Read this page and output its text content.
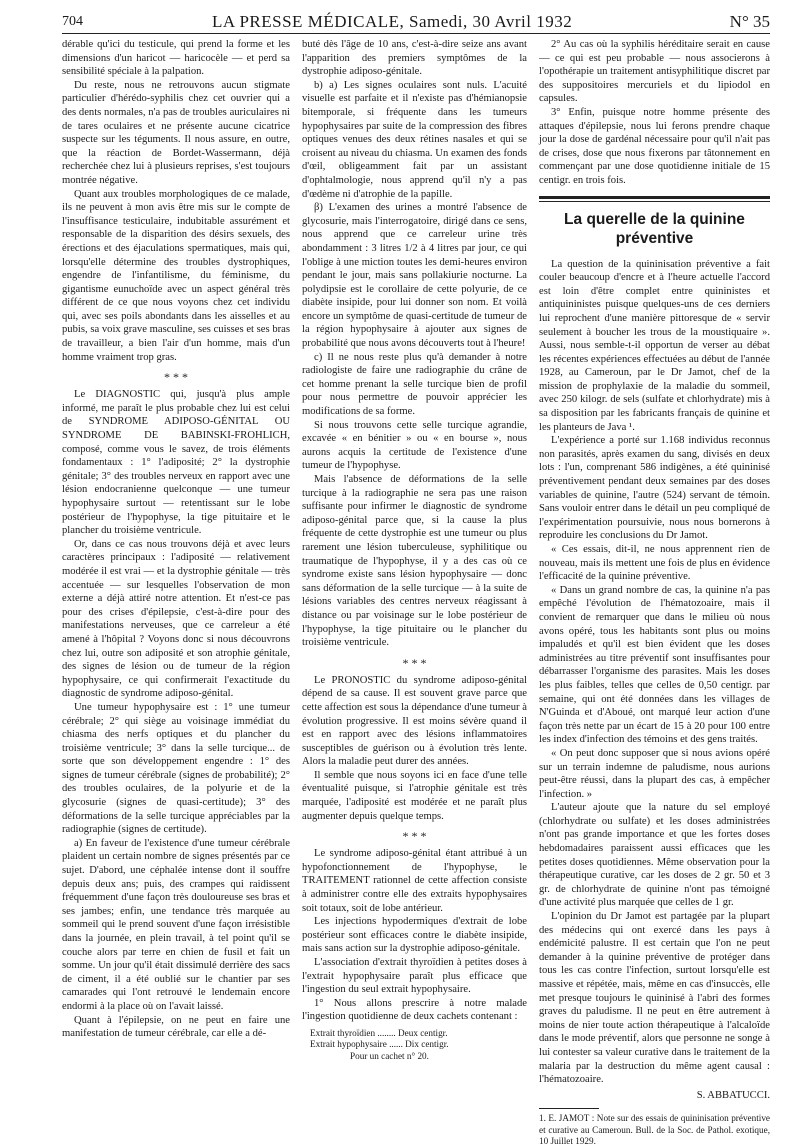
704	LA PRESSE MÉDICALE, Samedi, 30 Avril 1932	N° 35

dérable qu'ici du testicule, qui prend la forme et les dimensions d'un haricot — haricocèle — et perd sa sensibilité spéciale à la palpation.

Du reste, nous ne retrouvons aucun stigmate particulier d'hérédo-syphilis chez cet ouvrier qui a des dents normales, n'a pas de troubles auriculaires ni de tares oculaires et ne présente aucune cicatrice suspecte sur les téguments. Il nous assure, en outre, que la réaction de Bordet-Wassermann, déjà recherchée chez lui à plusieurs reprises, s'est toujours montrée négative.

Quant aux troubles morphologiques de ce malade, ils ne peuvent à mon avis être mis sur le compte de l'insuffisance testiculaire, indubitable assurément et responsable de la disparition des désirs sexuels, des érections et des éjaculations spermatiques, mais qui, lorsqu'elle détermine des troubles dystrophiques, engendre de l'infantilisme, du féminisme, du gigantisme eunuchoïde avec un aspect général très différent de ce que nous voyons chez cet individu qui, avec ses poils abondants dans les aisselles et au pubis, sa voix grave masculine, ses cuisses et ses bras de travailleur, a bien l'air d'un homme, mais d'un homme vraiment trop gras.

* * *

Le DIAGNOSTIC qui, jusqu'à plus ample informé, me paraît le plus probable chez lui est celui de SYNDROME ADIPOSO-GÉNITAL OU SYNDROME DE BABINSKI-FROHLICH, composé, comme vous le savez, de trois éléments fondamentaux : 1° l'adiposité; 2° la dystrophie génitale; 3° des troubles nerveux en rapport avec une lésion endocranienne quelconque — une tumeur hypophysaire surtout — retentissant sur le lobe postérieur de l'hypophyse, la tige pituitaire et le plancher du troisième ventricule.

Or, dans ce cas nous trouvons déjà et avec leurs caractères principaux : l'adiposité — relativement modérée il est vrai — et la dystrophie génitale — très accentuée — sur lesquelles l'observation de mon externe a déjà attiré notre attention. Et n'est-ce pas pour des crises d'épilepsie, c'est-à-dire pour des manifestations nerveuses, que ce carreleur a été amené à l'hôpital ? Voyons donc si nous découvrons chez lui, outre son adiposité et son atrophie génitale, des signes de lésion ou de tumeur de la région hypophysaire, ce qui confirmerait l'exactitude du diagnostic de syndrome adiposo-génital.

Une tumeur hypophysaire est : 1° une tumeur cérébrale; 2° qui siège au voisinage immédiat du chiasma des nerfs optiques et du plancher du troisième ventricule; 3° dans la selle turcique... de sorte que son développement engendre : 1° des signes de tumeur cérébrale (signes de probabilité); 2° des troubles oculaires, de la polyurie et de la glycosurie (signes de quasi-certitude); 3° des déformations de la selle turcique appréciables par la radiographie (signes de certitude).

a) En faveur de l'existence d'une tumeur cérébrale plaident un certain nombre de signes présentés par ce sujet. D'abord, une céphalée intense dont il souffre depuis deux ans; puis, des crampes qui raidissent fréquemment d'une façon très douloureuse ses bras et ses jambes; enfin, une tendance très marquée au sommeil qui le prend souvent d'une façon irrésistible dans la journée, en plein travail, à tel point qu'il se couche alors par terre en chien de fusil et fait un somme. Un jour qu'il était dissimulé derrière des sacs de ciment, il a été oublié sur le chantier par ses camarades qui l'ont retrouvé le lendemain encore endormi à la place où on l'avait laissé.

Quant à l'épilepsie, on ne peut en faire une manifestation de tumeur cérébrale, car elle a dé-

buté dès l'âge de 10 ans, c'est-à-dire seize ans avant l'apparition des premiers symptômes de la dystrophie adiposo-génitale.

b) a) Les signes oculaires sont nuls. L'acuité visuelle est parfaite et il n'existe pas d'hémianopsie bitemporale, si fréquente dans les tumeurs hypophysaires par suite de la compression des fibres optiques venues des deux rétines nasales et qui se croisent au niveau du chiasma. Un examen des fonds d'œil, obligeamment fait par un assistant d'ophtalmologie, nous apprend qu'il n'y a pas d'œdème ni d'atrophie de la papille.

β) L'examen des urines a montré l'absence de glycosurie, mais l'interrogatoire, dirigé dans ce sens, nous apprend que ce carreleur urine très abondamment : 3 litres 1/2 à 4 litres par jour, ce qui l'oblige à une miction toutes les demi-heures environ pendant le jour, mais sans pollakiurie nocturne. La polydipsie est le corollaire de cette polyurie, de ce diabète insipide, pour lui donner son nom. Et voilà encore un symptôme de quasi-certitude de tumeur de la région hypophysaire à ajouter aux signes de probabilité que nous avons découverts tout à l'heure!

c) Il ne nous reste plus qu'à demander à notre radiologiste de faire une radiographie du crâne de cet homme prenant la selle turcique bien de profil pour nous permettre de pouvoir apprécier les modifications de sa forme.

Si nous trouvons cette selle turcique agrandie, excavée « en bénitier » ou « en bourse », nous aurons acquis la certitude de l'existence d'une tumeur de l'hypophyse.

Mais l'absence de déformations de la selle turcique à la radiographie ne sera pas une raison suffisante pour infirmer le diagnostic de syndrome adiposo-génital parce que, si la cause la plus fréquente de cette dystrophie est une tumeur ou plus rarement une lésion tuberculeuse, syphilitique ou traumatique de l'hypophyse, il y a des cas où ce syndrome existe sans lésion hypophysaire — donc sans déformation de la selle turcique — à la suite de lésions variables des centres nerveux réagissant à distance ou par voisinage sur le lobe postérieur de l'hypophyse, la tige pituitaire ou le plancher du troisième ventricule.

* * *

Le PRONOSTIC du syndrome adiposo-génital dépend de sa cause. Il est souvent grave parce que cette affection est sous la dépendance d'une tumeur à évolution progressive. Il est moins sévère quand il est en rapport avec des lésions inflammatoires susceptibles de guérison ou à évolution très lente. Alors la maladie peut durer des années.

Il semble que nous soyons ici en face d'une telle éventualité puisque, si l'atrophie génitale est très marquée, l'adiposité est modérée et ne paraît plus augmenter depuis quelque temps.

* * *

Le syndrome adiposo-génital étant attribué à un hypofonctionnement de l'hypophyse, le TRAITEMENT rationnel de cette affection consiste à administrer contre elle des extraits hypophysaires soit totaux, soit de lobe antérieur.

Les injections hypodermiques d'extrait de lobe postérieur sont efficaces contre le diabète insipide, mais sans action sur la dystrophie adiposo-génitale.

L'association d'extrait thyroïdien à petites doses à l'extrait hypophysaire paraît plus efficace que l'ingestion du seul extrait hypophysaire.

1° Nous allons prescrire à notre malade l'ingestion quotidienne de deux cachets contenant :

Extrait thyroïdien ........ Deux centigr.
Extrait hypophysaire ...... Dix centigr.
Pour un cachet n° 20.

2° Au cas où la syphilis héréditaire serait en cause — ce qui est peu probable — nous associerons à l'opothérapie un traitement antisyphilitique discret par des suppositoires mercuriels et du lipiodol en capsules.

3° Enfin, puisque notre homme présente des attaques d'épilepsie, nous lui ferons prendre chaque jour la dose de gardénal nécessaire pour qu'il n'ait pas de crises, dose que nous fixerons par tâtonnement en commençant par une dose quotidienne initiale de 15 centigr. en trois fois.

La querelle de la quinine préventive

La question de la quininisation préventive a fait couler beaucoup d'encre et à l'heure actuelle l'accord est loin d'être complet entre quininistes et antiquininistes puisque quelques-uns de ces derniers lui reprochent d'une manière pittoresque de « servir seulement à boucher les trous de la moustiquaire ». Aussi, nous semble-t-il opportun de verser au débat les récentes expériences effectuées au début de l'année 1928, au Cameroun, par le Dr Jamot, chef de la mission de prophylaxie de la maladie du sommeil, avec 250 kilogr. de sels (sulfate et chlorhydrate) mis à sa disposition par les fabricants français de quinine et les planteurs de Java ¹.

L'expérience a porté sur 1.168 individus reconnus non parasités, après examen du sang, divisés en deux lots : l'un, comprenant 586 indigènes, a été quininisé préventivement pendant deux semaines par des doses variables de quinine, l'autre (524) servant de témoin. Sans vouloir entrer dans le détail un peu compliqué de l'expérimentation poursuivie, nous nous bornerons à reproduire les conclusions du Dr Jamot.

« Ces essais, dit-il, ne nous apprennent rien de nouveau, mais ils mettent une fois de plus en évidence l'efficacité de la quinine préventive.

« Dans un grand nombre de cas, la quinine n'a pas empêché l'évolution de l'hématozoaire, mais il convient de remarquer que dans le milieu où nous avons opéré, tous les habitants sont plus ou moins impaludés et qu'il est bien évident que les doses administrées au titre préventif sont insuffisantes pour débarrasser l'organisme des parasites. Mais les doses les plus faibles, telles que celles de 0,50 centigr. par semaine, qui ont été données dans les villages de N'Guinda et d'Aboué, ont marqué leur action d'une façon très nette par un écart de 15 à 20 pour 100 entre les index d'infection des témoins et des gens traités.

« On peut donc supposer que si nous avions opéré sur un terrain indemne de paludisme, nous aurions peut-être réussi, dans la plupart des cas, à empêcher l'infection. »

L'auteur ajoute que la nature du sel employé (chlorhydrate ou sulfate) et les doses administrées n'ont pas grande importance et que les fortes doses hebdomadaires paraissent aussi efficaces que les petites doses quotidiennes. Même observation pour la thérapeutique curative, car les doses de 2 gr. 50 et 3 gr. de chlorhydrate de quinine n'ont pas témoigné d'une activité plus marquée que celles de 1 gr.

L'opinion du Dr Jamot est partagée par la plupart des médecins qui ont exercé dans les pays à endémicité palustre. Il est certain que l'on ne peut demander à la quinine préventive de protéger dans tous les cas contre l'infection, surtout lorsqu'elle est massive et répétée, mais, même en cas d'insuccès, elle met presque toujours le quininisé à l'abri des formes graves du paludisme. Il ne peut en être autrement à moins de nier toute action thérapeutique à l'alcaloïde dans le mode préventif, alors que personne ne songe à lui contester sa valeur curative dans le traitement de la malaria par la destruction du même agent causal : l'hématozoaire.

S. ABBATUCCI.
1. E. JAMOT : Note sur des essais de quininisation préventive et curative au Cameroun. Bull. de la Soc. de Pathol. exotique, 10 Juillet 1929.
